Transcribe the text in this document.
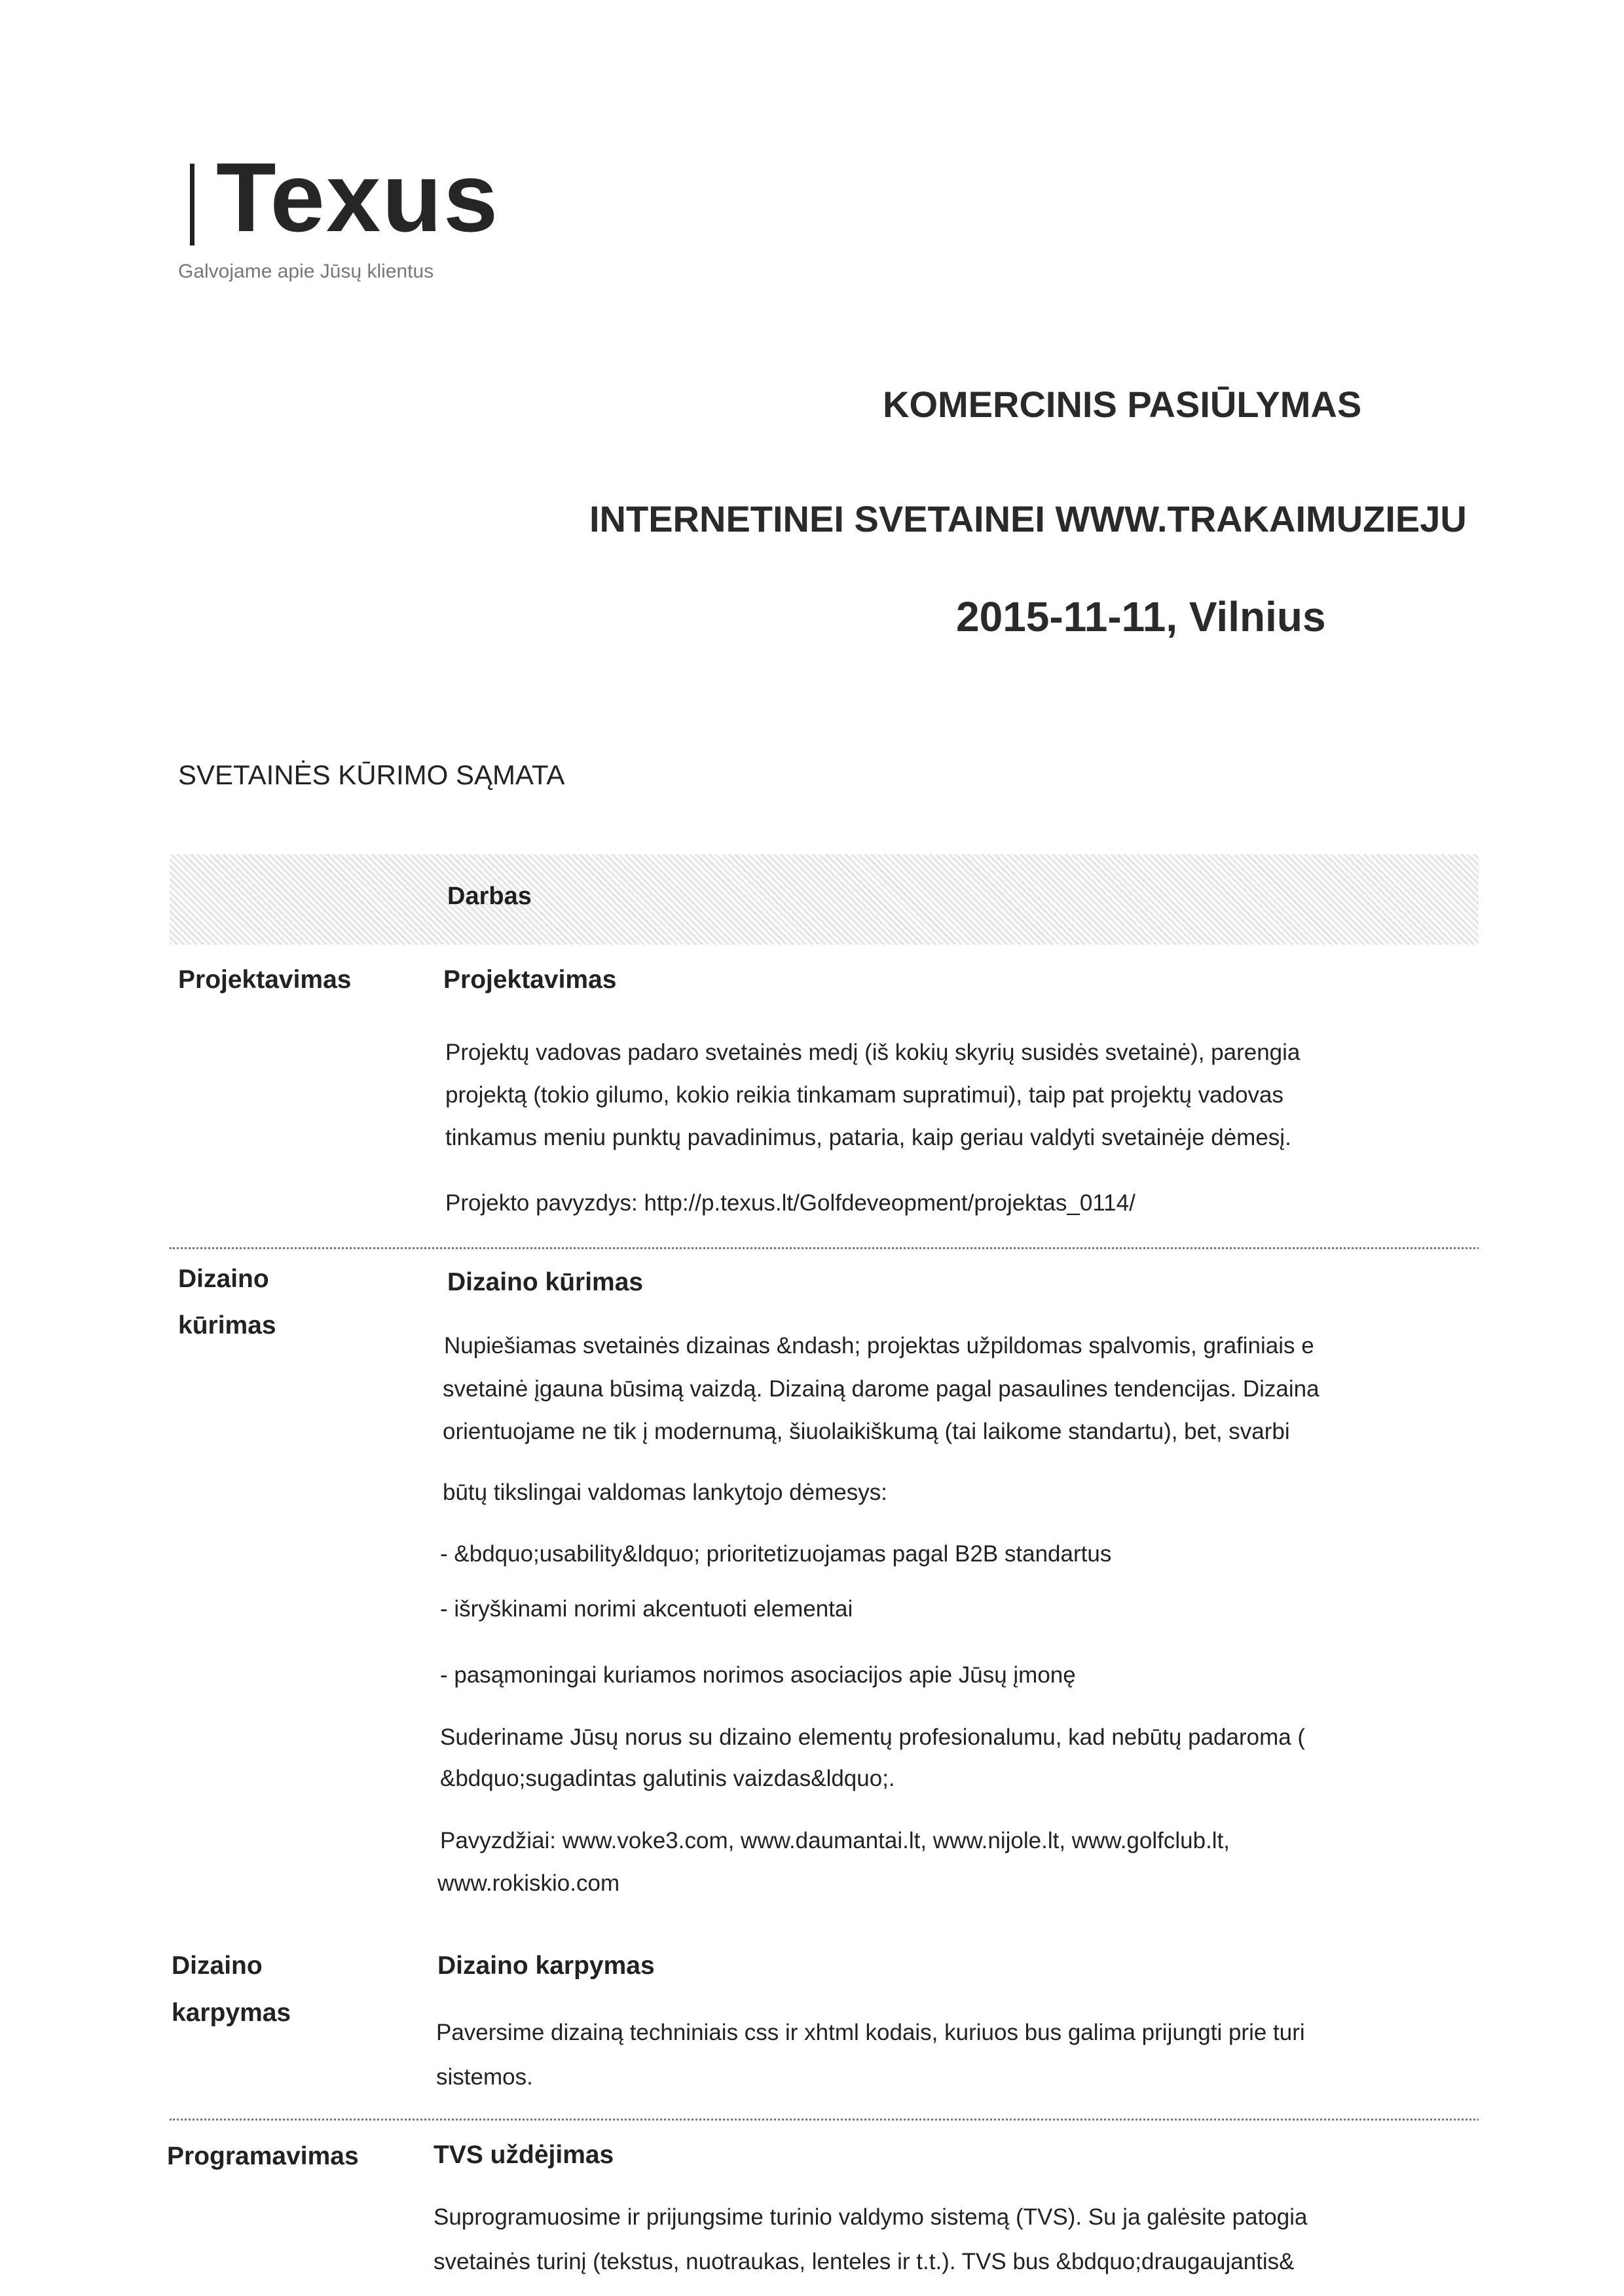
Texus
Galvojame apie Jūsų klientus
KOMERCINIS PASIŪLYMAS
INTERNETINEI SVETAINEI WWW.TRAKAIMUZIEJU
2015-11-11, Vilnius
SVETAINĖS KŪRIMO SĄMATA
Darbas
Projektavimas	Projektavimas
Projektų vadovas padaro svetainės medį (iš kokių skyrių susidės svetainė), parengia
projektą (tokio gilumo, kokio reikia tinkamam supratimui), taip pat projektų vadovas
tinkamus meniu punktų pavadinimus, pataria, kaip geriau valdyti svetainėje dėmesį.
Projekto pavyzdys: http://p.texus.lt/Golfdeveopment/projektas_0114/
Dizaino
kūrimas
Dizaino kūrimas
Nupiešiamas svetainės dizainas &ndash; projektas užpildomas spalvomis, grafiniais e
svetainė įgauna būsimą vaizdą. Dizainą darome pagal pasaulines tendencijas. Dizaina
orientuojame ne tik į modernumą, šiuolaikiškumą (tai laikome standartu), bet, svarbi
būtų tikslingai valdomas lankytojo dėmesys:
- &bdquo;usability&ldquo; prioritetizuojamas pagal B2B standartus
- išryškinami norimi akcentuoti elementai
- pasąmoningai kuriamos norimos asociacijos apie Jūsų įmonę
Suderiname Jūsų norus su dizaino elementų profesionalumu, kad nebūtų padaroma (
&bdquo;sugadintas galutinis vaizdas&ldquo;.
Pavyzdžiai: www.voke3.com, www.daumantai.lt, www.nijole.lt, www.golfclub.lt,
www.rokiskio.com
Dizaino
karpymas
Dizaino karpymas
Paversime dizainą techniniais css ir xhtml kodais, kuriuos bus galima prijungti prie turi
sistemos.
Programavimas	TVS uždėjimas
Suprogramuosime ir prijungsime turinio valdymo sistemą (TVS). Su ja galėsite patogia
svetainės turinį (tekstus, nuotraukas, lenteles ir t.t.). TVS bus &bdquo;draugaujantis&
